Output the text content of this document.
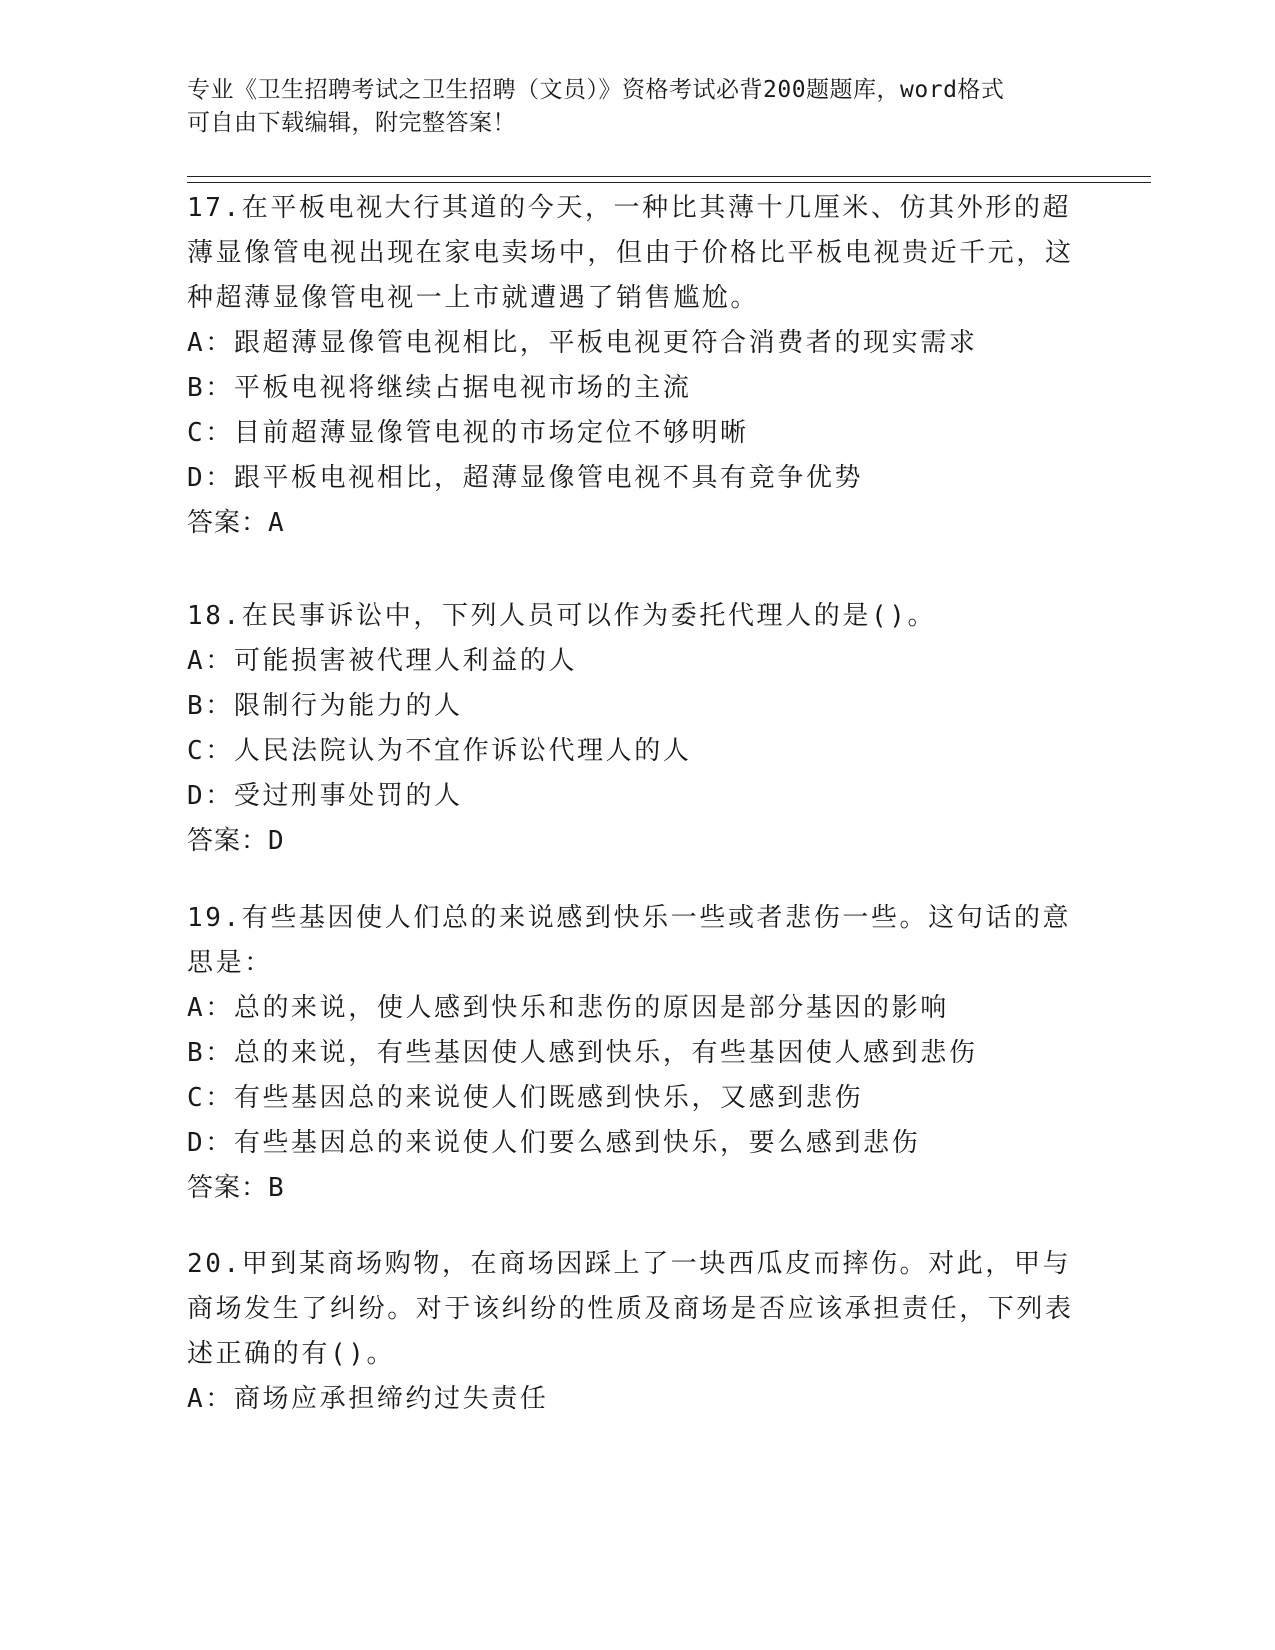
专业《卫生招聘考试之卫生招聘（文员）》资格考试必背200题题库，word格式
可自由下载编辑，附完整答案！

17.在平板电视大行其道的今天，一种比其薄十几厘米、仿其外形的超薄显像管电视出现在家电卖场中，但由于价格比平板电视贵近千元，这种超薄显像管电视一上市就遭遇了销售尴尬。

A：跟超薄显像管电视相比，平板电视更符合消费者的现实需求

B：平板电视将继续占据电视市场的主流

C：目前超薄显像管电视的市场定位不够明晰

D：跟平板电视相比，超薄显像管电视不具有竞争优势

答案：A

18.在民事诉讼中，下列人员可以作为委托代理人的是()。

A：可能损害被代理人利益的人

B：限制行为能力的人

C：人民法院认为不宜作诉讼代理人的人

D：受过刑事处罚的人

答案：D

19.有些基因使人们总的来说感到快乐一些或者悲伤一些。这句话的意思是：

A：总的来说，使人感到快乐和悲伤的原因是部分基因的影响

B：总的来说，有些基因使人感到快乐，有些基因使人感到悲伤

C：有些基因总的来说使人们既感到快乐，又感到悲伤

D：有些基因总的来说使人们要么感到快乐，要么感到悲伤

答案：B

20.甲到某商场购物，在商场因踩上了一块西瓜皮而摔伤。对此，甲与商场发生了纠纷。对于该纠纷的性质及商场是否应该承担责任，下列表述正确的有()。

A：商场应承担缔约过失责任
